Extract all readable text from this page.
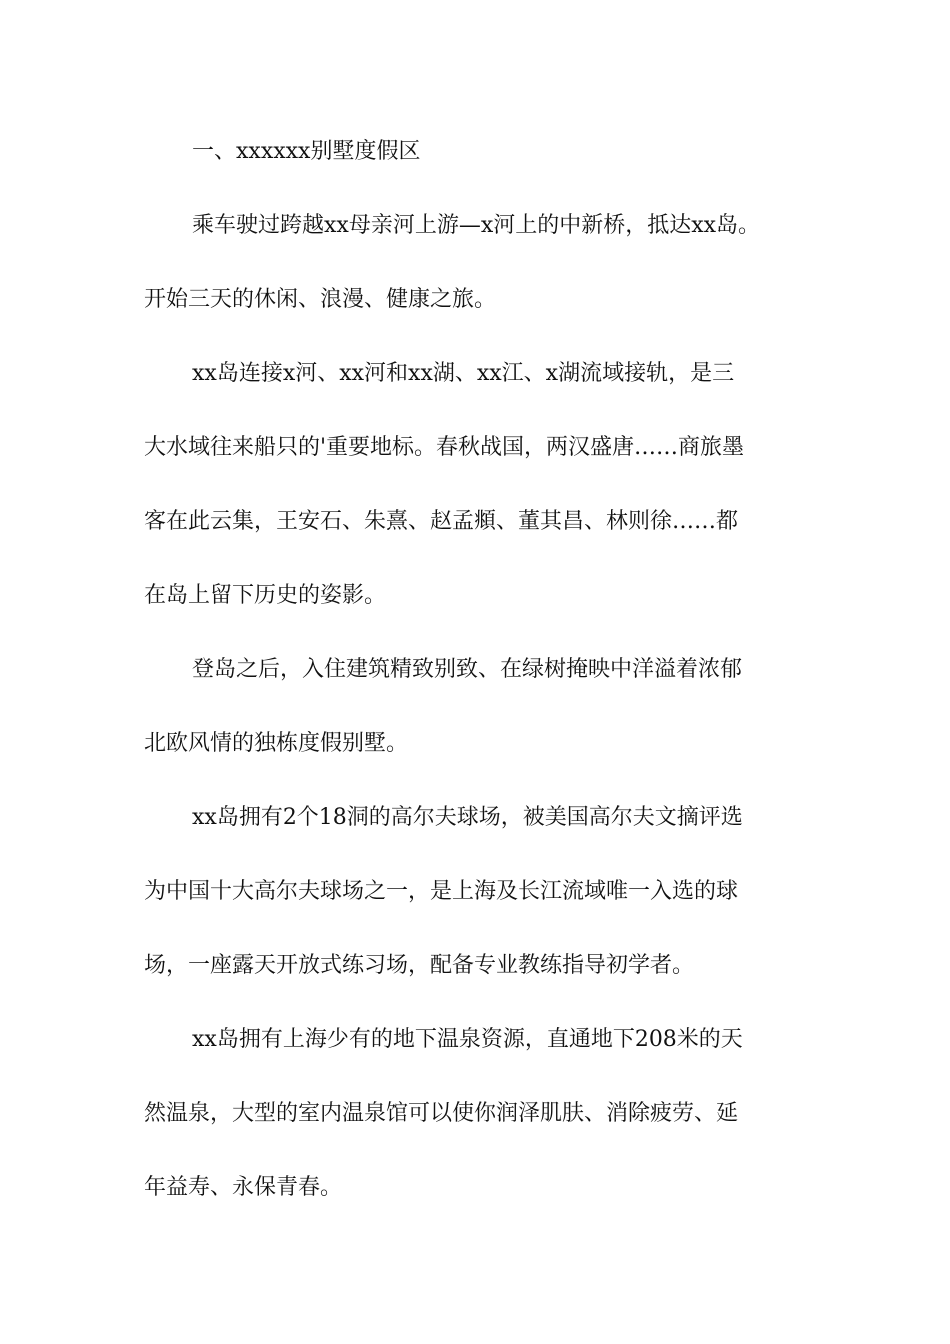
一、xxxxxx别墅度假区
乘车驶过跨越xx母亲河上游—x河上的中新桥，抵达xx岛。
开始三天的休闲、浪漫、健康之旅。
xx岛连接x河、xx河和xx湖、xx江、x湖流域接轨，是三
大水域往来船只的'重要地标。春秋战国，两汉盛唐……商旅墨
客在此云集，王安石、朱熹、赵孟頫、董其昌、林则徐……都
在岛上留下历史的姿影。
登岛之后，入住建筑精致别致、在绿树掩映中洋溢着浓郁
北欧风情的独栋度假别墅。
xx岛拥有2个18洞的高尔夫球场，被美国高尔夫文摘评选
为中国十大高尔夫球场之一，是上海及长江流域唯一入选的球
场，一座露天开放式练习场，配备专业教练指导初学者。
xx岛拥有上海少有的地下温泉资源，直通地下208米的天
然温泉，大型的室内温泉馆可以使你润泽肌肤、消除疲劳、延
年益寿、永保青春。
